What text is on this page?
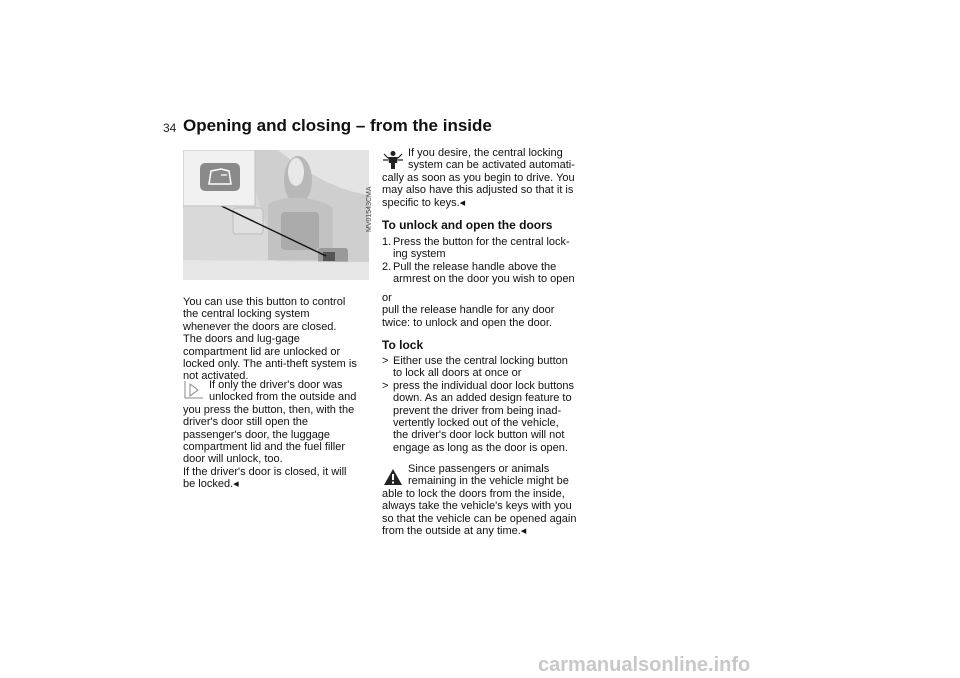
34 Opening and closing – from the inside
MV01543CMA
You can use this button to control the central locking system whenever the doors are closed. The doors and lug-gage compartment lid are unlocked or locked only. The anti-theft system is not activated.

If only the driver's door was

unlocked from the outside and

you press the button, then, with the driver's door still open the passenger's door, the luggage compartment lid and the fuel filler door will unlock, too.

If the driver's door is closed, it will be locked.◂

If you desire, the central locking

system can be activated automati-

cally as soon as you begin to drive. You may also have this adjusted so that it is specific to keys.◂

To unlock and open the doors
1. Press the button for the central lock-ing system
2. Pull the release handle above the armrest on the door you wish to open

or

pull the release handle for any door twice: to unlock and open the door.

To lock
> Either use the central locking button to lock all doors at once or
> press the individual door lock buttons down. As an added design feature to prevent the driver from being inad-vertently locked out of the vehicle, the driver's door lock button will not engage as long as the door is open.

Since passengers or animals

remaining in the vehicle might be

able to lock the doors from the inside, always take the vehicle's keys with you so that the vehicle can be opened again from the outside at any time.◂

carmanualsonline.info
